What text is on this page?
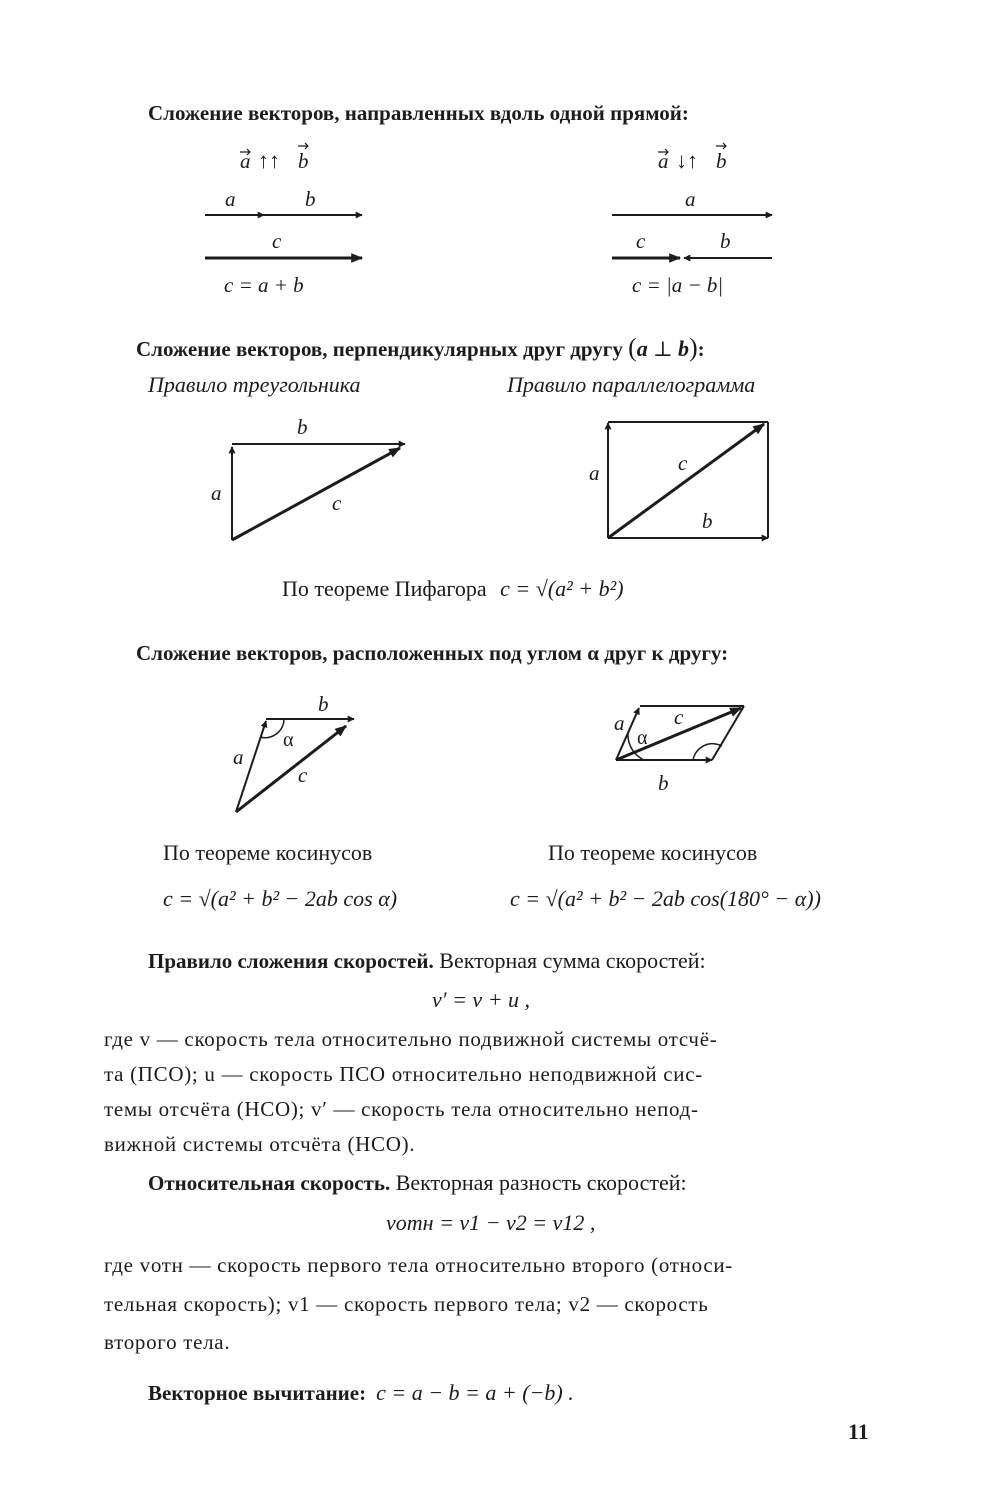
Сложение векторов, направленных вдоль одной прямой:
a ↑↑ b
a	b
c
c = a + b
a ↓↑ b
a
c	b
c = |a − b|
a
b
c
a
b
c
a
b
c
α
a
b
c
α
Сложение векторов, перпендикулярных друг другу (a ⊥ b):
Правило треугольника	Правило параллелограмма
По теореме Пифагора c = √(a² + b²)
Сложение векторов, расположенных под углом α друг к другу:
По теореме косинусов
c = √(a² + b² − 2ab cos α)
По теореме косинусов
c = √(a² + b² − 2ab cos(180° − α))
Правило сложения скоростей. Векторная сумма скоростей:
v′ = v + u ,
где v — скорость тела относительно подвижной системы отсчё-
та (ПСО); u — скорость ПСО относительно неподвижной сис-
темы отсчёта (НСО); v′ — скорость тела относительно непод-
вижной системы отсчёта (НСО).
Относительная скорость. Векторная разность скоростей:
vотн = v1 − v2 = v12 ,
где vотн — скорость первого тела относительно второго (относи-
тельная скорость); v1 — скорость первого тела; v2 — скорость
второго тела.
Векторное вычитание: c = a − b = a + (−b) .
11
